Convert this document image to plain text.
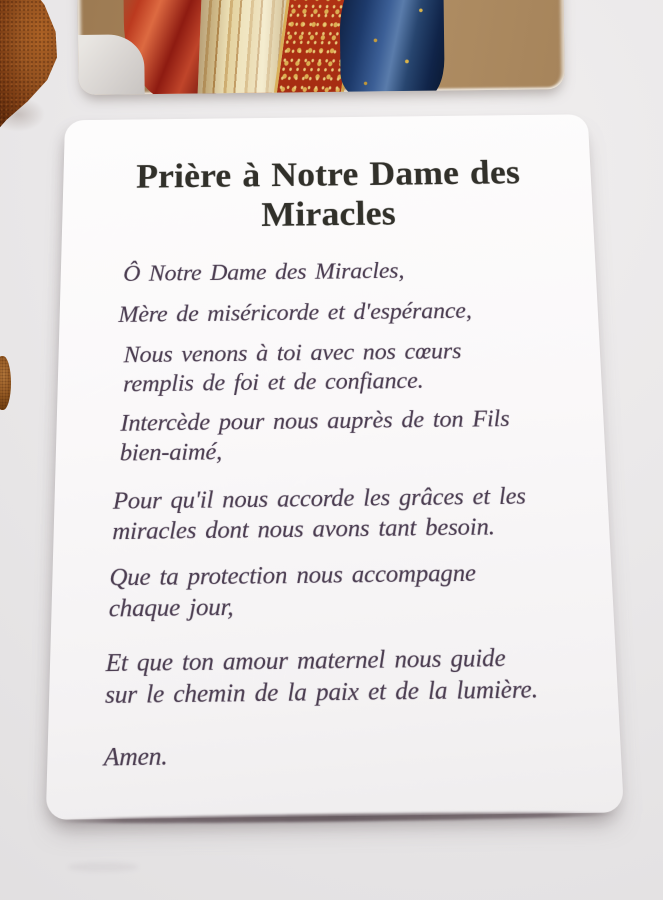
Prière à Notre Dame des Miracles

Ô Notre Dame des Miracles,

Mère de miséricorde et d'espérance,

Nous venons à toi avec nos cœurs
remplis de foi et de confiance.

Intercède pour nous auprès de ton Fils
bien-aimé,

Pour qu'il nous accorde les grâces et les
miracles dont nous avons tant besoin.

Que ta protection nous accompagne
chaque jour,

Et que ton amour maternel nous guide
sur le chemin de la paix et de la lumière.

Amen.
